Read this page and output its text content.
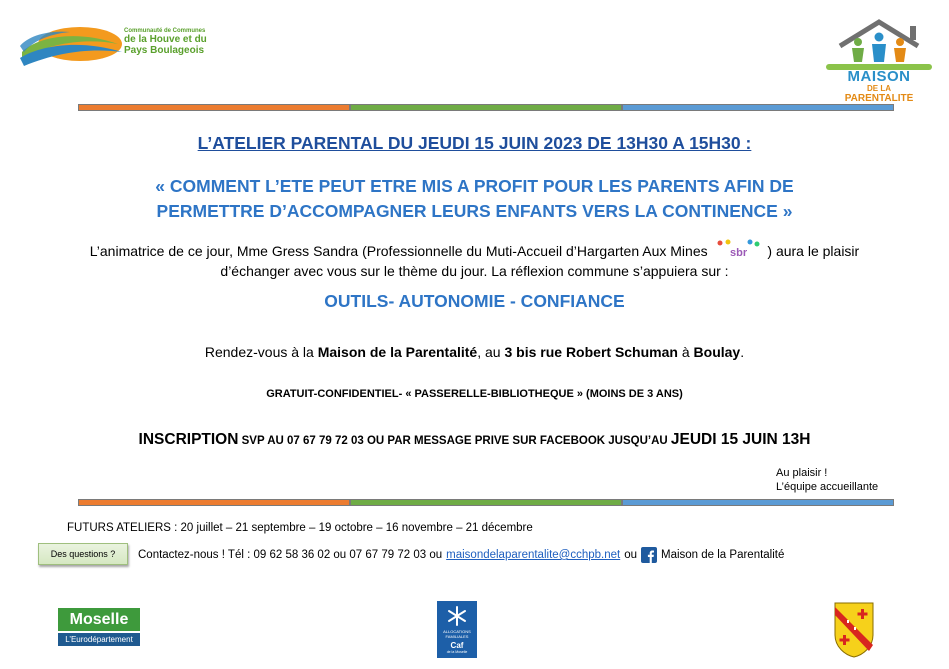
Communauté de Communes
de la Houve et du
Pays Boulageois
MAISON
DE LA
PARENTALITÉ
L’ATELIER PARENTAL DU JEUDI 15 JUIN 2023 DE 13H30 A 15H30 :
« COMMENT L’ETE PEUT ETRE MIS A PROFIT POUR LES PARENTS AFIN DE
PERMETTRE D’ACCOMPAGNER LEURS ENFANTS VERS LA CONTINENCE »
L’animatrice de ce jour, Mme Gress Sandra (Professionnelle du Muti-Accueil d’Hargarten Aux Mines sbr ) aura le plaisir
d’échanger avec vous sur le thème du jour. La réflexion commune s’appuiera sur :
OUTILS- AUTONOMIE - CONFIANCE
Rendez-vous à la Maison de la Parentalité, au 3 bis rue Robert Schuman à Boulay.
GRATUIT-CONFIDENTIEL- « PASSERELLE-BIBLIOTHEQUE » (MOINS DE 3 ANS)
INSCRIPTION SVP AU 07 67 79 72 03 OU PAR MESSAGE PRIVE SUR FACEBOOK JUSQU’AU JEUDI 15 JUIN 13H
Au plaisir !
L’équipe accueillante
FUTURS ATELIERS : 20 juillet – 21 septembre – 19 octobre – 16 novembre – 21 décembre
Des questions ?	Contactez-nous ! Tél : 09 62 58 36 02 ou 07 67 79 72 03 ou maisondelaparentalite@cchpb.net ou Maison de la Parentalité
Moselle
L’Eurodépartement
ALLOCATIONS
FAMILIALES
Caf
de la Moselle
